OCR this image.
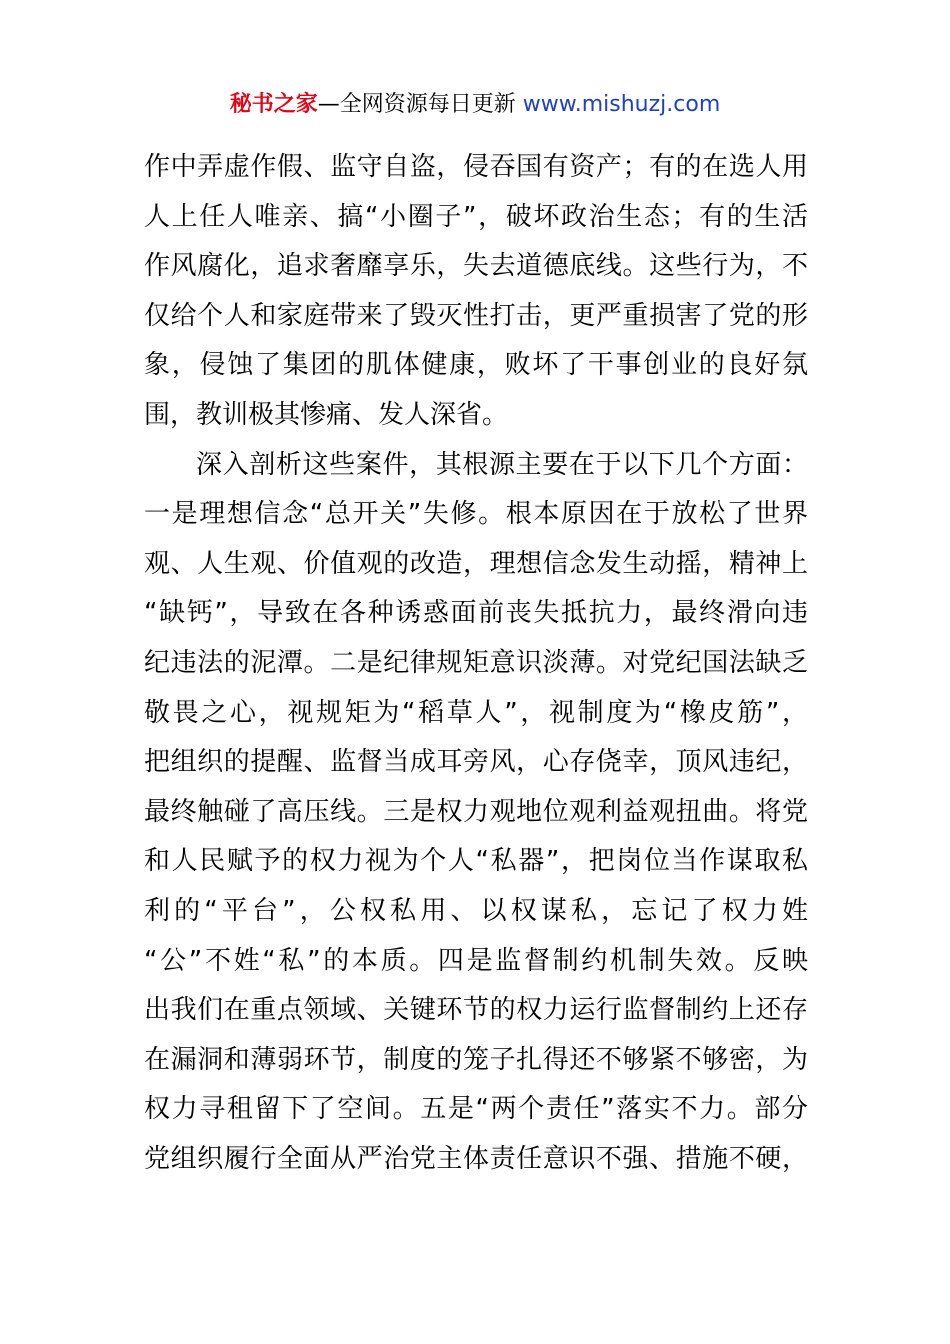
秘书之家—全网资源每日更新 www.mishuzj.com
作中弄虚作假、监守自盗，侵吞国有资产；有的在选人用
人上任人唯亲、搞“小圈子”，破坏政治生态；有的生活
作风腐化，追求奢靡享乐，失去道德底线。这些行为，不
仅给个人和家庭带来了毁灭性打击，更严重损害了党的形
象，侵蚀了集团的肌体健康，败坏了干事创业的良好氛
围，教训极其惨痛、发人深省。
深入剖析这些案件，其根源主要在于以下几个方面：
一是理想信念“总开关”失修。根本原因在于放松了世界
观、人生观、价值观的改造，理想信念发生动摇，精神上
“缺钙”，导致在各种诱惑面前丧失抵抗力，最终滑向违
纪违法的泥潭。二是纪律规矩意识淡薄。对党纪国法缺乏
敬畏之心，视规矩为“稻草人”，视制度为“橡皮筋”，
把组织的提醒、监督当成耳旁风，心存侥幸，顶风违纪，
最终触碰了高压线。三是权力观地位观利益观扭曲。将党
和人民赋予的权力视为个人“私器”，把岗位当作谋取私
利的“平台”，公权私用、以权谋私，忘记了权力姓
“公”不姓“私”的本质。四是监督制约机制失效。反映
出我们在重点领域、关键环节的权力运行监督制约上还存
在漏洞和薄弱环节，制度的笼子扎得还不够紧不够密，为
权力寻租留下了空间。五是“两个责任”落实不力。部分
党组织履行全面从严治党主体责任意识不强、措施不硬，
